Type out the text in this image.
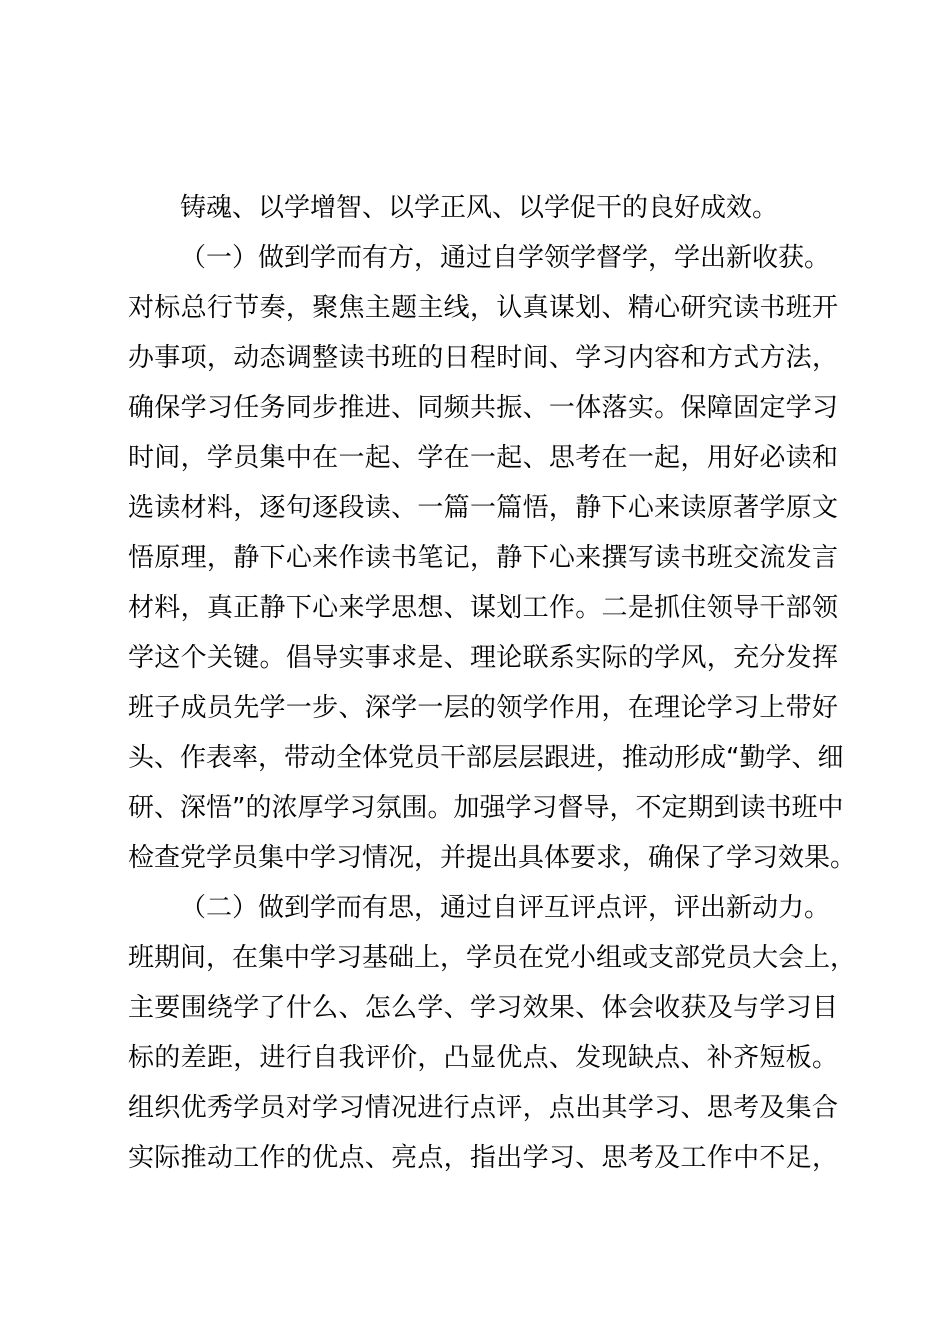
铸魂、以学增智、以学正风、以学促干的良好成效。
（一）做到学而有方，通过自学领学督学，学出新收获。
对标总行节奏，聚焦主题主线，认真谋划、精心研究读书班开
办事项，动态调整读书班的日程时间、学习内容和方式方法，
确保学习任务同步推进、同频共振、一体落实。保障固定学习
时间，学员集中在一起、学在一起、思考在一起，用好必读和
选读材料，逐句逐段读、一篇一篇悟，静下心来读原著学原文
悟原理，静下心来作读书笔记，静下心来撰写读书班交流发言
材料，真正静下心来学思想、谋划工作。二是抓住领导干部领
学这个关键。倡导实事求是、理论联系实际的学风，充分发挥
班子成员先学一步、深学一层的领学作用，在理论学习上带好
头、作表率，带动全体党员干部层层跟进，推动形成“勤学、细
研、深悟”的浓厚学习氛围。加强学习督导，不定期到读书班中
检查党学员集中学习情况，并提出具体要求，确保了学习效果。
（二）做到学而有思，通过自评互评点评，评出新动力。
班期间，在集中学习基础上，学员在党小组或支部党员大会上，
主要围绕学了什么、怎么学、学习效果、体会收获及与学习目
标的差距，进行自我评价，凸显优点、发现缺点、补齐短板。
组织优秀学员对学习情况进行点评，点出其学习、思考及集合
实际推动工作的优点、亮点，指出学习、思考及工作中不足，
